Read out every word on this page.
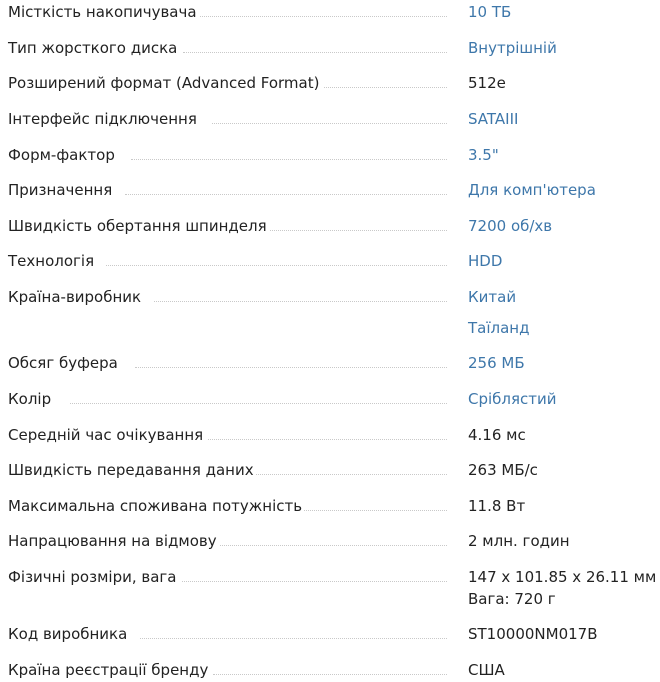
Місткість накопичувача	10 ТБ
Тип жорсткого диска	Внутрішній
Розширений формат (Advanced Format)	512e
Інтерфейс підключення	SATAIII
Форм-фактор	3.5"
Призначення	Для комп'ютера
Швидкість обертання шпинделя	7200 об/хв
Технологія	HDD
Країна-виробник	Китай
Таїланд
Обсяг буфера	256 МБ
Колір	Сріблястий
Середній час очікування	4.16 мс
Швидкість передавання даних	263 МБ/с
Максимальна споживана потужність	11.8 Вт
Напрацювання на відмову	2 млн. годин
Фізичні розміри, вага	147 x 101.85 x 26.11 мм
Вага: 720 г
Код виробника	ST10000NM017B
Країна реєстрації бренду	США
